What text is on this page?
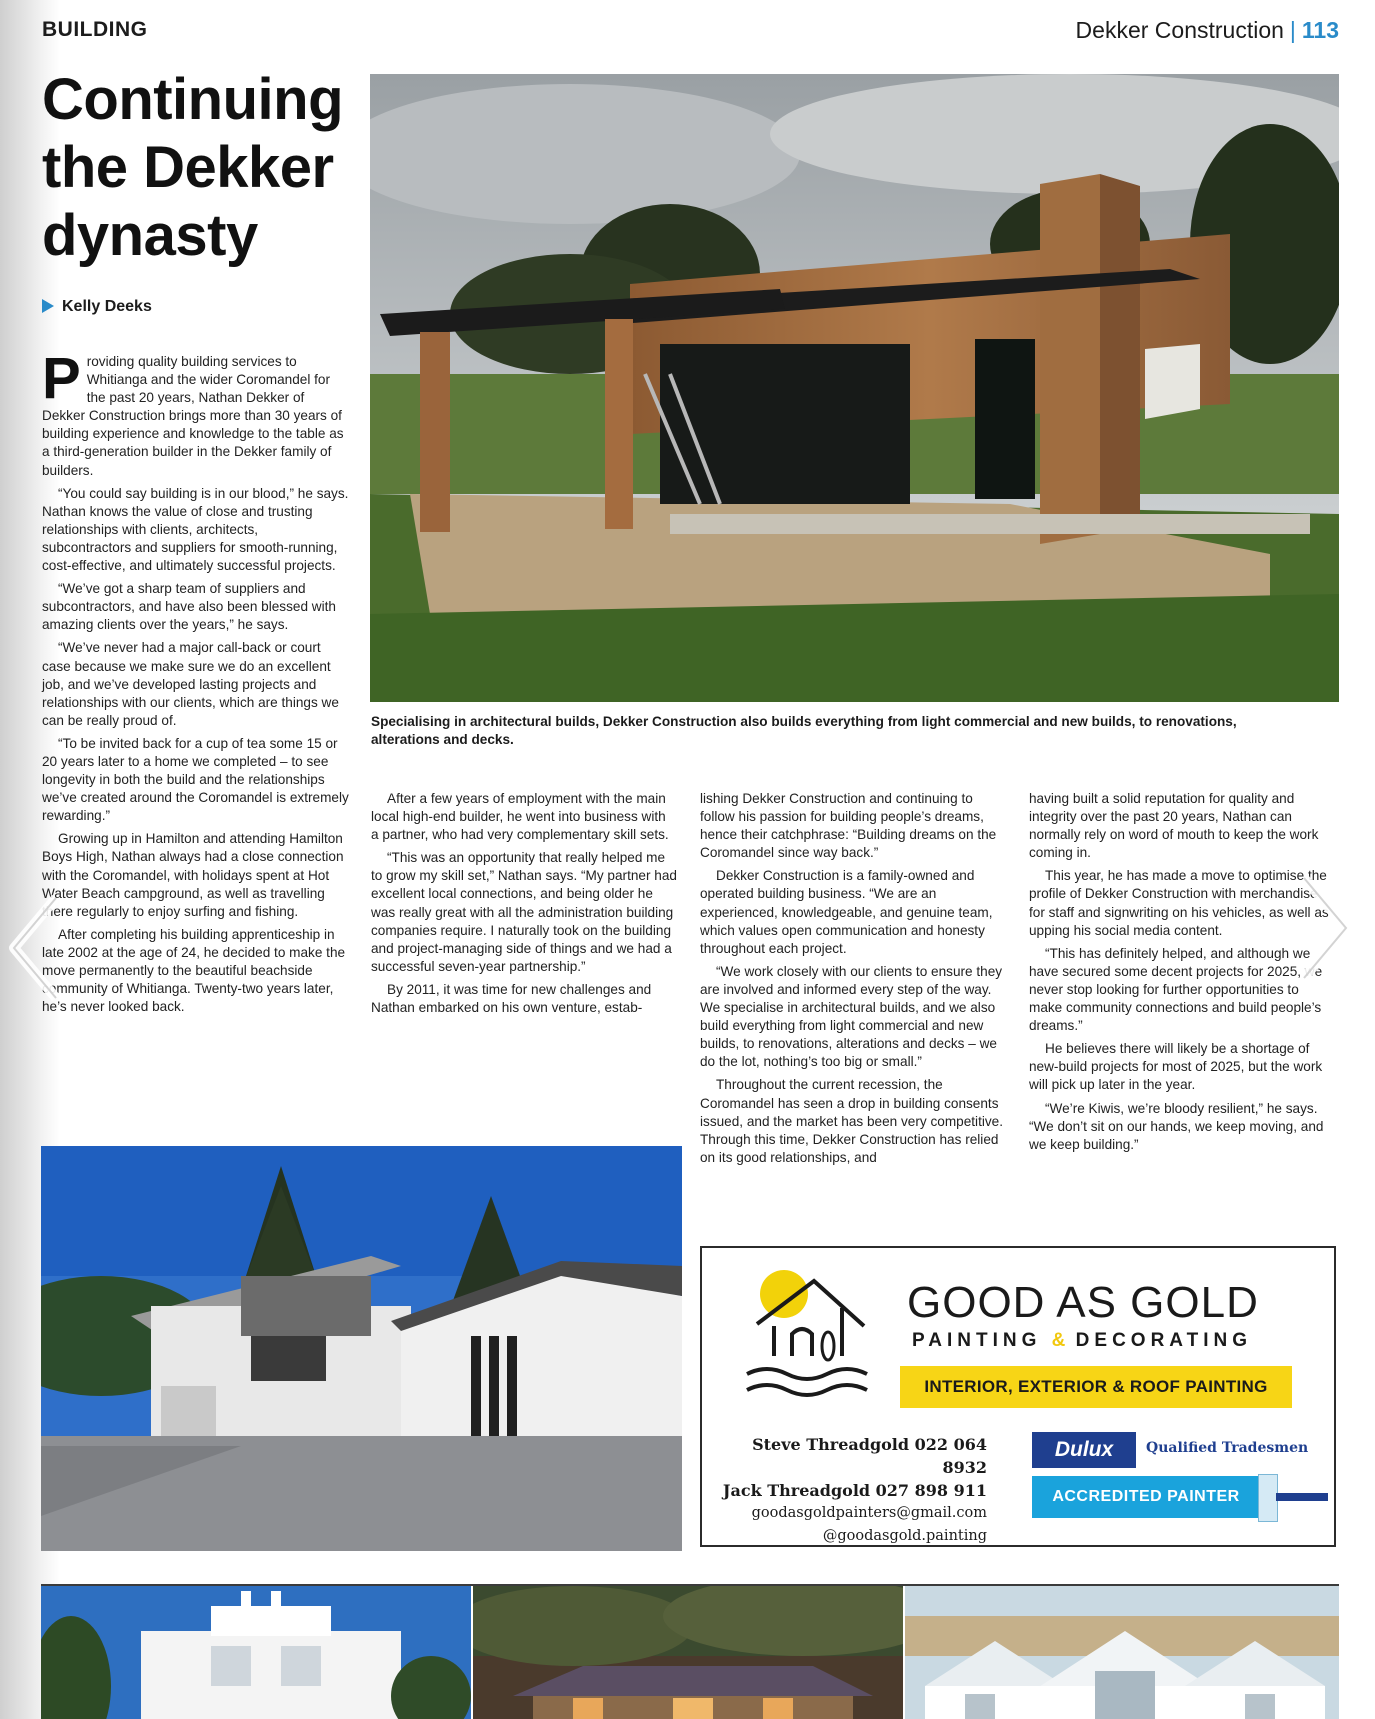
BUILDING	Dekker Construction | 113
Continuing the Dekker dynasty
Kelly Deeks
Specialising in architectural builds, Dekker Construction also builds everything from light commercial and new builds, to renovations, alterations and decks.

Providing quality building services to Whitianga and the wider Coromandel for the past 20 years, Nathan Dekker of Dekker Construction brings more than 30 years of building experience and knowledge to the table as a third-generation builder in the Dekker family of builders.

“You could say building is in our blood,” he says. Nathan knows the value of close and trusting relationships with clients, architects, subcontractors and suppliers for smooth-running, cost-effective, and ultimately successful projects.

“We’ve got a sharp team of suppliers and subcontractors, and have also been blessed with amazing clients over the years,” he says.

“We’ve never had a major call-back or court case because we make sure we do an excellent job, and we’ve developed lasting projects and relationships with our clients, which are things we can be really proud of.

“To be invited back for a cup of tea some 15 or 20 years later to a home we completed – to see longevity in both the build and the relationships we’ve created around the Coromandel is extremely rewarding.”

Growing up in Hamilton and attending Hamilton Boys High, Nathan always had a close connection with the Coromandel, with holidays spent at Hot Water Beach campground, as well as travelling there regularly to enjoy surfing and fishing.

After completing his building apprenticeship in late 2002 at the age of 24, he decided to make the move permanently to the beautiful beachside community of Whitianga. Twenty-two years later, he’s never looked back.

After a few years of employment with the main local high-end builder, he went into business with a partner, who had very complementary skill sets.

“This was an opportunity that really helped me to grow my skill set,” Nathan says. “My partner had excellent local connections, and being older he was really great with all the administration building companies require. I naturally took on the building and project-managing side of things and we had a successful seven-year partnership.”

By 2011, it was time for new challenges and Nathan embarked on his own venture, estab-

lishing Dekker Construction and continuing to follow his passion for building people’s dreams, hence their catchphrase: “Building dreams on the Coromandel since way back.”

Dekker Construction is a family-owned and operated building business. “We are an experienced, knowledgeable, and genuine team, which values open communication and honesty throughout each project.

“We work closely with our clients to ensure they are involved and informed every step of the way. We specialise in architectural builds, and we also build everything from light commercial and new builds, to renovations, alterations and decks – we do the lot, nothing’s too big or small.”

Throughout the current recession, the Coromandel has seen a drop in building consents issued, and the market has been very competitive. Through this time, Dekker Construction has relied on its good relationships, and

having built a solid reputation for quality and integrity over the past 20 years, Nathan can normally rely on word of mouth to keep the work coming in.

This year, he has made a move to optimise the profile of Dekker Construction with merchandise for staff and signwriting on his vehicles, as well as upping his social media content.

“This has definitely helped, and although we have secured some decent projects for 2025, we never stop looking for further opportunities to make community connections and build people’s dreams.”

He believes there will likely be a shortage of new-build projects for most of 2025, but the work will pick up later in the year.

“We’re Kiwis, we’re bloody resilient,” he says. “We don’t sit on our hands, we keep moving, and we keep building.”

GOOD AS GOLD
PAINTING & DECORATING
INTERIOR, EXTERIOR & ROOF PAINTING
Steve Threadgold 022 064 8932
Jack Threadgold 027 898 911
goodasgoldpainters@gmail.com
@goodasgold.painting
Dulux	Qualified Tradesmen
ACCREDITED PAINTER
